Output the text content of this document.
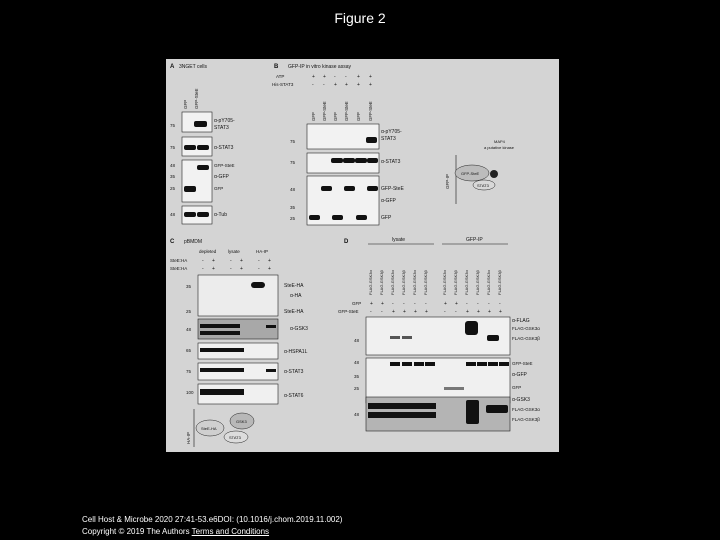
Figure 2
A 3NGET cells
GFP GFP-SteE
75
75
48
35
25
48
α-pY705-
STAT3
α-STAT3
GFP-SteE
α-GFP
GFP
α-Tub
B GFP-IP in vitro kinase assay
ATP
His-STAT3
+ + - - + +
- - + + + +
GFP GFP-SteE GFP GFP-SteE GFP GFP-SteE
75
75
48
35
25
α-pY705-
STAT3
α-STAT3
GFP-SteE
α-GFP
GFP
MAP4
a putative kinase
GFP-IP
GFP-SteE
STAT3
C pBMDM
depleted	lysate	HA-IP
SteE:HA
SteE:HA
- +	- +	- +
- +	- +	- +
35
25
48
65
75
100
SteE-HA
α-HA
SteE-HA
α-GSK3
α-HSPA1L
α-STAT3
α-STAT6
HA-IP
SteE-HA
GSK3
STAT3
D	lysate	GFP-IP
FLAG-GSK3α FLAG-GSK3β FLAG-GSK3α FLAG-GSK3β FLAG-GSK3α FLAG-GSK3β	FLAG-GSK3α FLAG-GSK3β FLAG-GSK3α FLAG-GSK3β FLAG-GSK3α FLAG-GSK3β
GFP
GFP-SteE
+ + - - - -	+ + - - - -
- - + + + +	- - + + + +
48
48
35
25
48
α-FLAG
FLAG-GSK3α
FLAG-GSK3β
GFP-SteE
α-GFP
GFP
α-GSK3
FLAG-GSK3α
FLAG-GSK3β
Cell Host & Microbe 2020 27:41-53.e6DOI: (10.1016/j.chom.2019.11.002)
Copyright © 2019 The Authors Terms and Conditions
